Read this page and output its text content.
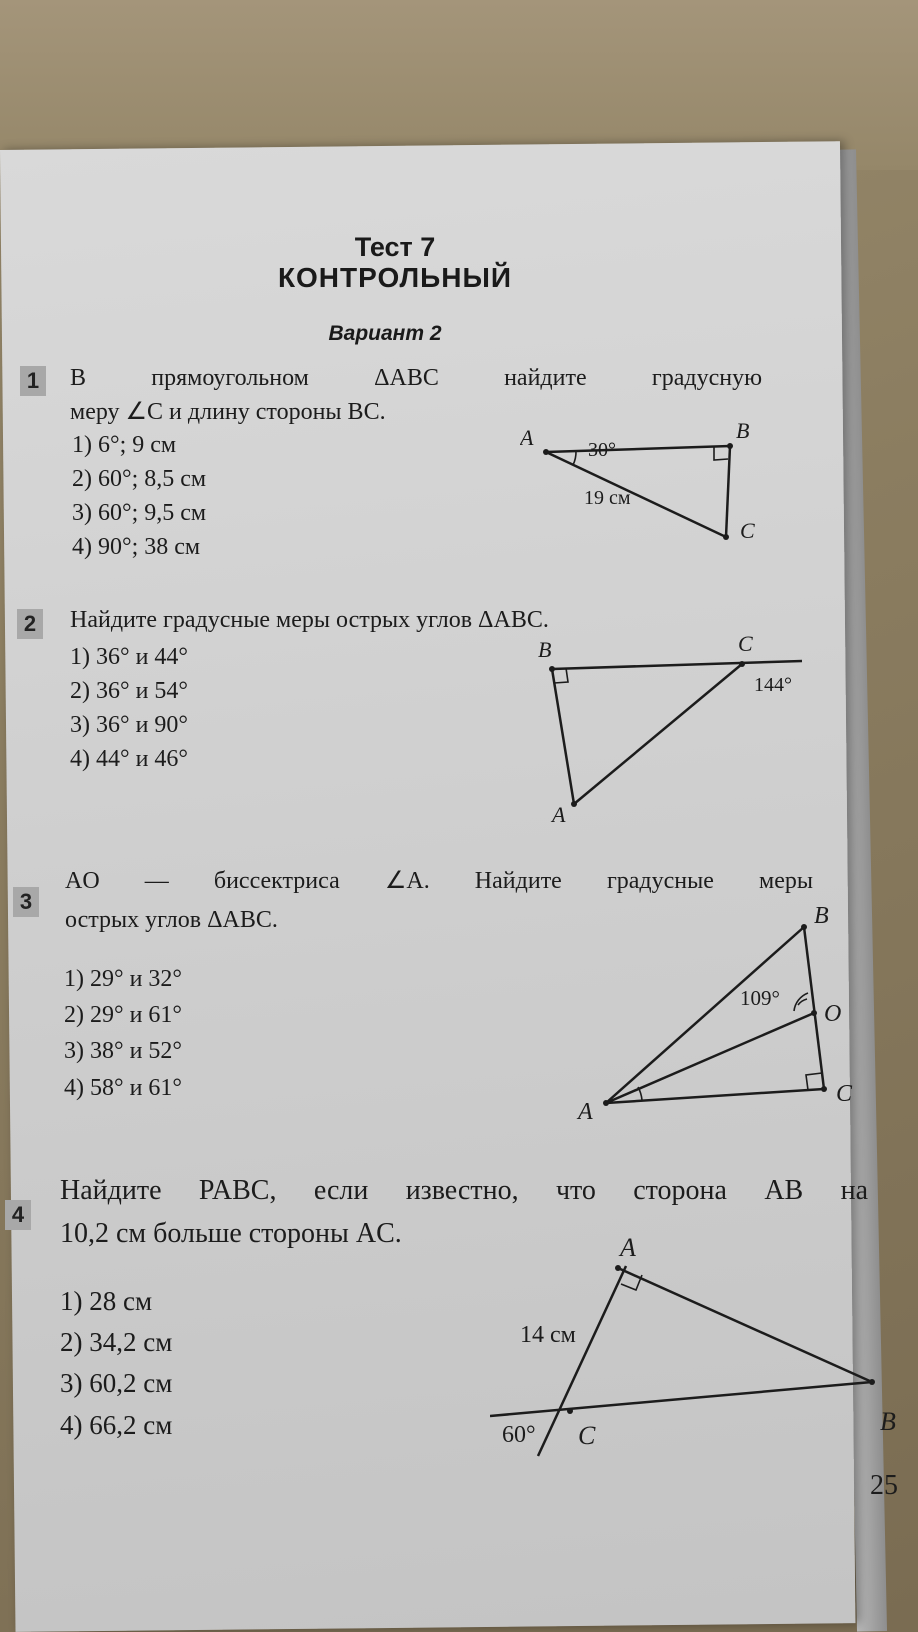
Тест 7
КОНТРОЛЬНЫЙ
Вариант 2
1 В прямоугольном ΔABC найдите градусную
меру ∠C и длину стороны BC.
1) 6°; 9 см
2) 60°; 8,5 см
3) 60°; 9,5 см
4) 90°; 38 см
A	B
C
30°
19 см
2 Найдите градусные меры острых углов ΔABC.
1) 36° и 44°
2) 36° и 54°
3) 36° и 90°
4) 44° и 46°
B	C
A
144°
3
AO — биссектриса ∠A. Найдите градусные меры
острых углов ΔABC.
1) 29° и 32°
2) 29° и 61°
3) 38° и 52°
4) 58° и 61°
B
O
C
A
109°
4
Найдите PABC, если известно, что сторона AB на
10,2 см больше стороны AC.
1) 28 см
2) 34,2 см
3) 60,2 см
4) 66,2 см
A
B
C
60°
14 см
25
